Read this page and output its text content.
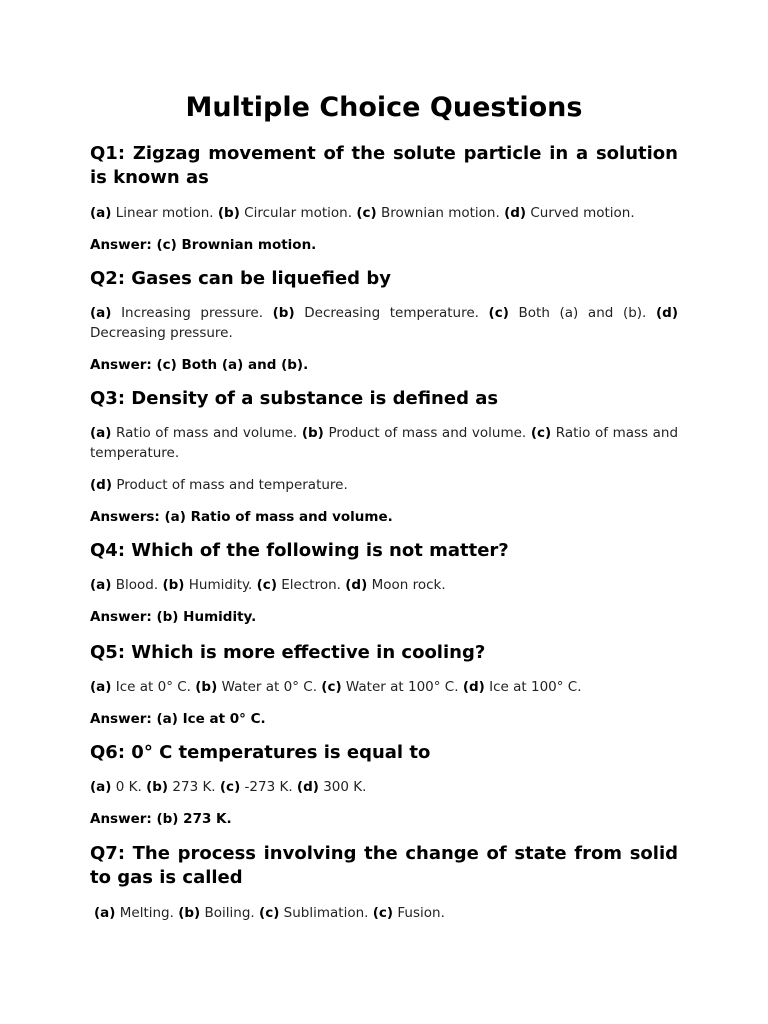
Multiple Choice Questions
Q1: Zigzag movement of the solute particle in a solution is known as

(a) Linear motion. (b) Circular motion. (c) Brownian motion. (d) Curved motion.

Answer: (c) Brownian motion.

Q2: Gases can be liquefied by

(a) Increasing pressure. (b) Decreasing temperature. (c) Both (a) and (b). (d) Decreasing pressure.

Answer: (c) Both (a) and (b).

Q3: Density of a substance is defined as

(a) Ratio of mass and volume. (b) Product of mass and volume. (c) Ratio of mass and temperature.

(d) Product of mass and temperature.

Answers: (a) Ratio of mass and volume.

Q4: Which of the following is not matter?

(a) Blood. (b) Humidity. (c) Electron. (d) Moon rock.

Answer: (b) Humidity.

Q5: Which is more effective in cooling?

(a) Ice at 0° C. (b) Water at 0° C. (c) Water at 100° C. (d) Ice at 100° C.

Answer: (a) Ice at 0° C.

Q6: 0° C temperatures is equal to

(a) 0 K. (b) 273 K. (c) -273 K. (d) 300 K.

Answer: (b) 273 K.

Q7: The process involving the change of state from solid to gas is called

(a) Melting. (b) Boiling. (c) Sublimation. (c) Fusion.
